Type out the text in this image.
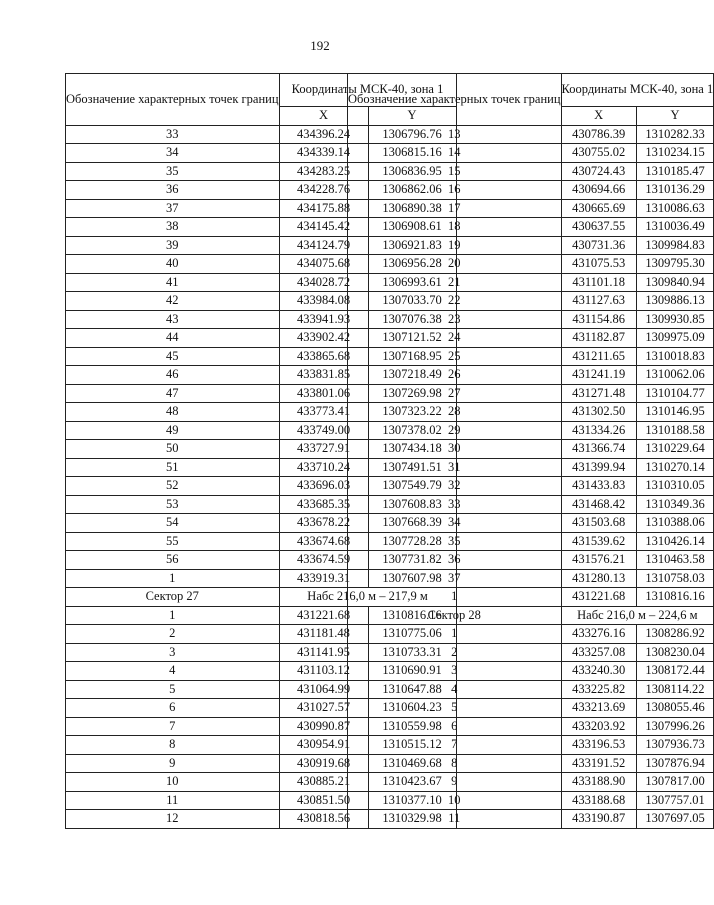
192
Обозначение характерных точек границ	Координаты МСК-40, зона 1	
	X	Y
33	434396.24	1306796.76
34	434339.14	1306815.16
35	434283.25	1306836.95
36	434228.76	1306862.06
37	434175.88	1306890.38
38	434145.42	1306908.61
39	434124.79	1306921.83
40	434075.68	1306956.28
41	434028.72	1306993.61
42	433984.08	1307033.70
43	433941.93	1307076.38
44	433902.42	1307121.52
45	433865.68	1307168.95
46	433831.85	1307218.49
47	433801.06	1307269.98
48	433773.41	1307323.22
49	433749.00	1307378.02
50	433727.91	1307434.18
51	433710.24	1307491.51
52	433696.03	1307549.79
53	433685.35	1307608.83
54	433678.22	1307668.39
55	433674.68	1307728.28
56	433674.59	1307731.82
1	433919.31	1307607.98
Сектор 27	Набс 216,0 м – 217,9 м	
1	431221.68	1310816.16
2	431181.48	1310775.06
3	431141.95	1310733.31
4	431103.12	1310690.91
5	431064.99	1310647.88
6	431027.57	1310604.23
7	430990.87	1310559.98
8	430954.91	1310515.12
9	430919.68	1310469.68
10	430885.21	1310423.67
11	430851.50	1310377.10
12	430818.56	1310329.98
Обозначение характерных точек границ	Координаты МСК-40, зона 1	
	X	Y
13	430786.39	1310282.33
14	430755.02	1310234.15
15	430724.43	1310185.47
16	430694.66	1310136.29
17	430665.69	1310086.63
18	430637.55	1310036.49
19	430731.36	1309984.83
20	431075.53	1309795.30
21	431101.18	1309840.94
22	431127.63	1309886.13
23	431154.86	1309930.85
24	431182.87	1309975.09
25	431211.65	1310018.83
26	431241.19	1310062.06
27	431271.48	1310104.77
28	431302.50	1310146.95
29	431334.26	1310188.58
30	431366.74	1310229.64
31	431399.94	1310270.14
32	431433.83	1310310.05
33	431468.42	1310349.36
34	431503.68	1310388.06
35	431539.62	1310426.14
36	431576.21	1310463.58
37	431280.13	1310758.03
1	431221.68	1310816.16
Сектор 28	Набс 216,0 м – 224,6 м	
1	433276.16	1308286.92
2	433257.08	1308230.04
3	433240.30	1308172.44
4	433225.82	1308114.22
5	433213.69	1308055.46
6	433203.92	1307996.26
7	433196.53	1307936.73
8	433191.52	1307876.94
9	433188.90	1307817.00
10	433188.68	1307757.01
11	433190.87	1307697.05
